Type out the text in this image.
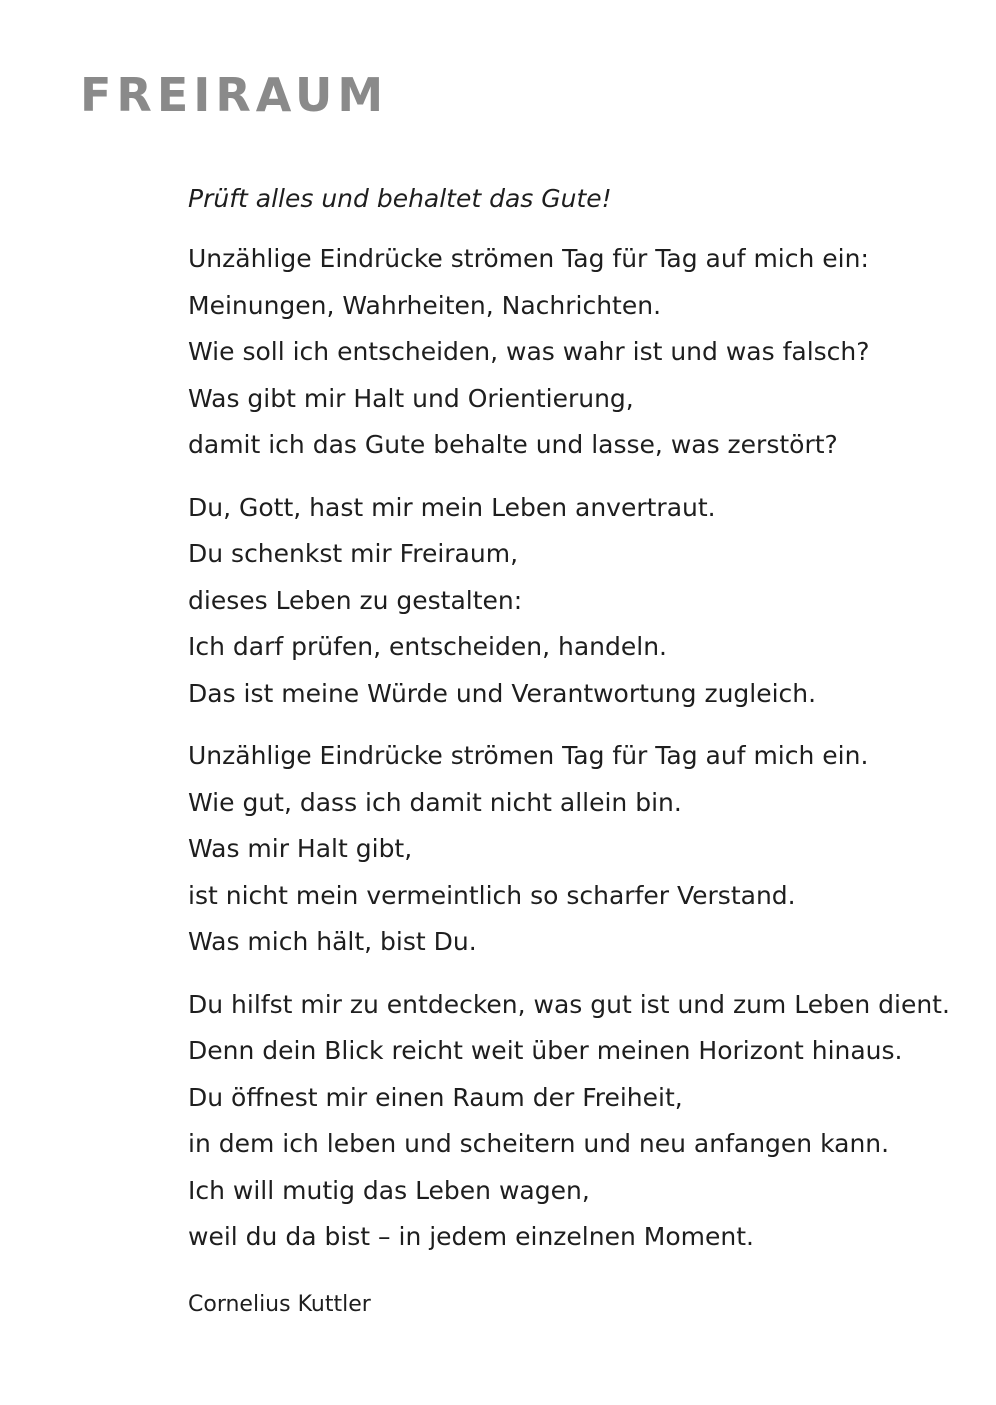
FREIRAUM

Prüft alles und behaltet das Gute!

Unzählige Eindrücke strömen Tag für Tag auf mich ein:
Meinungen, Wahrheiten, Nachrichten.
Wie soll ich entscheiden, was wahr ist und was falsch?
Was gibt mir Halt und Orientierung,
damit ich das Gute behalte und lasse, was zerstört?

Du, Gott, hast mir mein Leben anvertraut.
Du schenkst mir Freiraum,
dieses Leben zu gestalten:
Ich darf prüfen, entscheiden, handeln.
Das ist meine Würde und Verantwortung zugleich.

Unzählige Eindrücke strömen Tag für Tag auf mich ein.
Wie gut, dass ich damit nicht allein bin.
Was mir Halt gibt,
ist nicht mein vermeintlich so scharfer Verstand.
Was mich hält, bist Du.

Du hilfst mir zu entdecken, was gut ist und zum Leben dient.
Denn dein Blick reicht weit über meinen Horizont hinaus.
Du öffnest mir einen Raum der Freiheit,
in dem ich leben und scheitern und neu anfangen kann.
Ich will mutig das Leben wagen,
weil du da bist – in jedem einzelnen Moment.

Cornelius Kuttler
